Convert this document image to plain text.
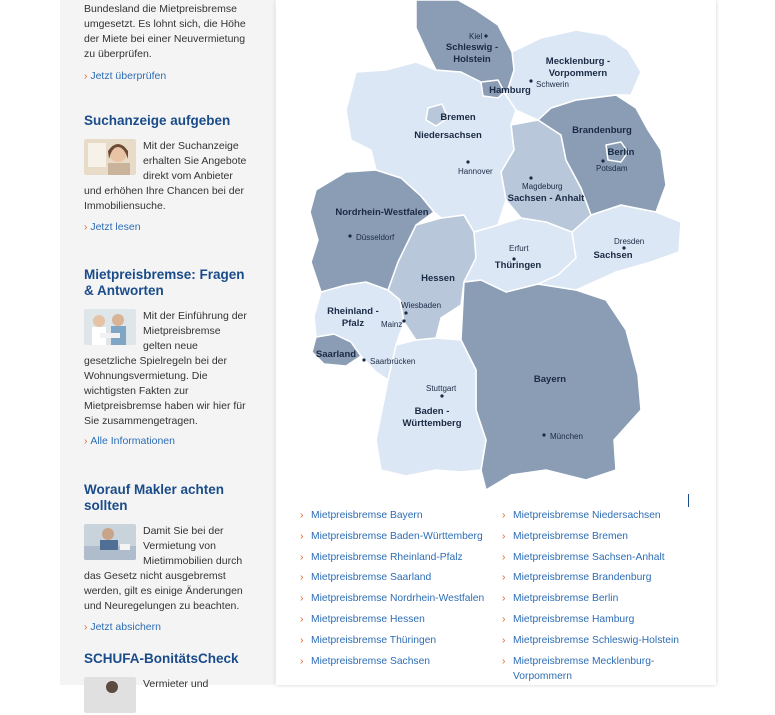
Bundesland die Mietpreisbremse umgesetzt. Es lohnt sich, die Höhe der Miete bei einer Neuvermietung zu überprüfen.
› Jetzt überprüfen
Suchanzeige aufgeben
Mit der Suchanzeige erhalten Sie Angebote direkt vom Anbieter und erhöhen Ihre Chancen bei der Immobiliensuche.
› Jetzt lesen
Mietpreisbremse: Fragen & Antworten
Mit der Einführung der Mietpreisbremse gelten neue gesetzliche Spielregeln bei der Wohnungsvermietung. Die wichtigsten Fakten zur Mietpreisbremse haben wir hier für Sie zusammengetragen.
› Alle Informationen
Worauf Makler achten sollten
Damit Sie bei der Vermietung von Mietimmobilien durch das Gesetz nicht ausgebremst werden, gilt es einige Änderungen und Neuregelungen zu beachten.
› Jetzt absichern
SCHUFA-BonitätsCheck
Vermieter und
Kiel
Schwerin
Hannover	Potsdam
Magdeburg
Düsseldorf
Erfurt
Dresden
Wiesbaden
Mainz
Saarbrücken
Stuttgart
München
Schleswig -Holstein	Mecklenburg -Vorpommern
Hamburg
Bremen
Niedersachsen	Brandenburg
Berlin
Sachsen - Anhalt
Nordrhein-Westfalen
Hessen
Thüringen
Sachsen
Rheinland -Pfalz
Saarland
Baden -Württemberg
Bayern
› Mietpreisbremse Bayern
› Mietpreisbremse Baden-Württemberg
› Mietpreisbremse Rheinland-Pfalz
› Mietpreisbremse Saarland
› Mietpreisbremse Nordrhein-Westfalen
› Mietpreisbremse Hessen
› Mietpreisbremse Thüringen
› Mietpreisbremse Sachsen
› Mietpreisbremse Niedersachsen
› Mietpreisbremse Bremen
› Mietpreisbremse Sachsen-Anhalt
› Mietpreisbremse Brandenburg
› Mietpreisbremse Berlin
› Mietpreisbremse Hamburg
› Mietpreisbremse Schleswig-Holstein
› Mietpreisbremse Mecklenburg-Vorpommern
